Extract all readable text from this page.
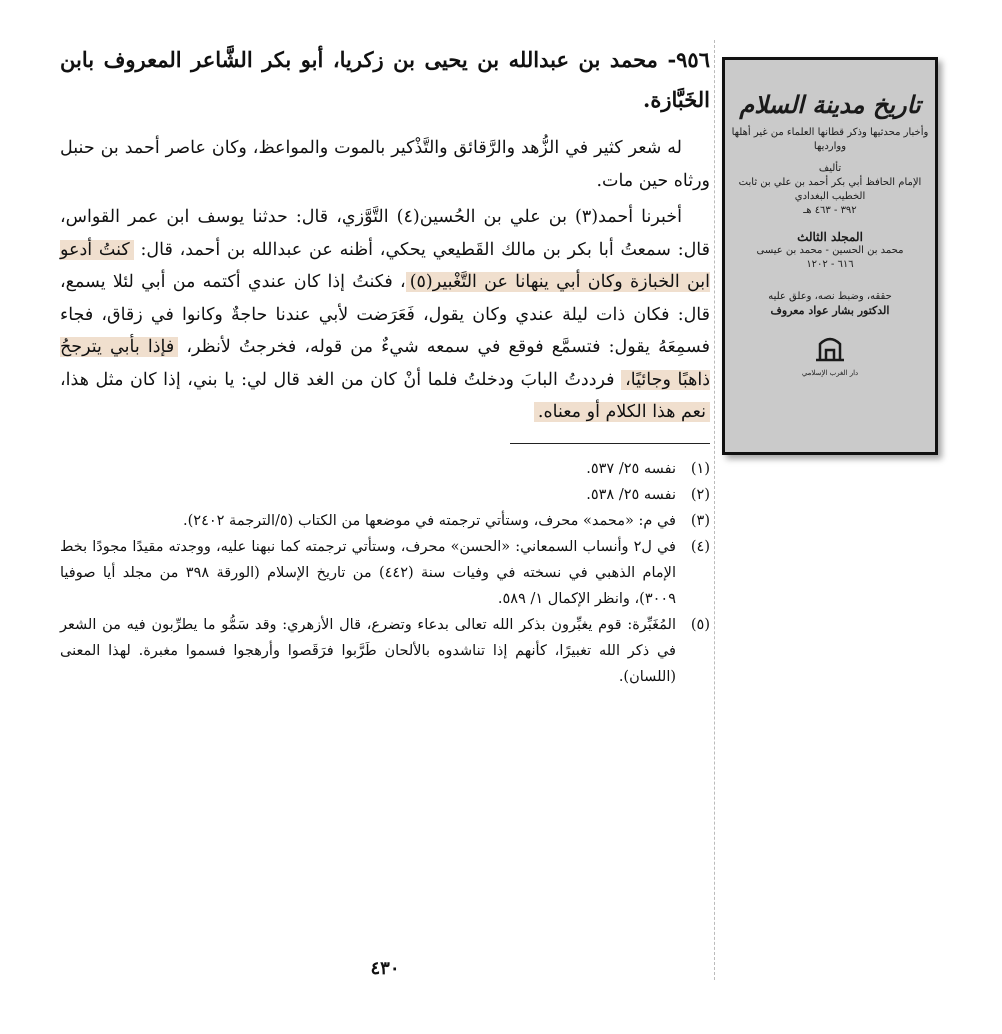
٩٥٦- محمد بن عبدالله بن يحيى بن زكريا، أبو بكر الشَّاعر المعروف بابن الخَبَّازة.

له شعر كثير في الزُّهد والرَّقائق والتَّذْكير بالموت والمواعظ، وكان عاصر أحمد بن حنبل ورثاه حين مات.

أخبرنا أحمد(٣) بن علي بن الحُسين(٤) التَّوَّزي، قال: حدثنا يوسف ابن عمر القواس، قال: سمعتُ أبا بكر بن مالك القَطيعي يحكي، أظنه عن عبدالله بن أحمد، قال: كنتُ أدعو ابن الخبازة وكان أبي ينهانا عن التَّغْبير(٥)، فكنتُ إذا كان عندي أكتمه من أبي لئلا يسمع، قال: فكان ذات ليلة عندي وكان يقول، فَعَرَضت لأبي عندنا حاجةٌ وكانوا في زقاق، فجاء فسمِعَهُ يقول: فتسمَّع فوقع في سمعه شيءٌ من قوله، فخرجتُ لأنظر، فإذا بأبي يترجحُ ذاهبًا وجائيًا، فرددتُ البابَ ودخلتُ فلما أنْ كان من الغد قال لي: يا بني، إذا كان مثل هذا، نعم هذا الكلام أو معناه.

(١)
نفسه ٢٥/ ٥٣٧.
(٢)
نفسه ٢٥/ ٥٣٨.
(٣)
في م: «محمد» محرف، وستأتي ترجمته في موضعها من الكتاب (٥/الترجمة ٢٤٠٢).
(٤)
في ل٢ وأنساب السمعاني: «الحسن» محرف، وستأتي ترجمته كما نبهنا عليه، ووجدته مقيدًا مجودًا بخط الإمام الذهبي في نسخته في وفيات سنة (٤٤٢) من تاريخ الإسلام (الورقة ٣٩٨ من مجلد أيا صوفيا ٣٠٠٩)، وانظر الإكمال ١/ ٥٨٩.
(٥)
المُغَبِّرة: قوم يغبِّرون بذكر الله تعالى بدعاء وتضرع، قال الأزهري: وقد سَمُّو ما يطرِّبون فيه من الشعر في ذكر الله تغبيرًا، كأنهم إذا تناشدوه بالألحان طَرَّبوا فرَقَصوا وأرهجوا فسموا مغبرة. لهذا المعنى (اللسان).
٤٣٠
تاريخ مدينة السلام
وأخبار محدثيها وذكر قطانها العلماء من غير أهلها ووارديها
تأليف
الإمام الحافظ أبي بكر أحمد بن علي بن ثابت
الخطيب البغدادي
٣٩٢ - ٤٦٣ هـ
المجلد الثالث
محمد بن الحسين - محمد بن عيسى
٦١٦ - ١٢٠٢
حققه، وضبط نصه، وعلق عليه
الدكتور بشار عواد معروف
دار الغرب الإسلامي
